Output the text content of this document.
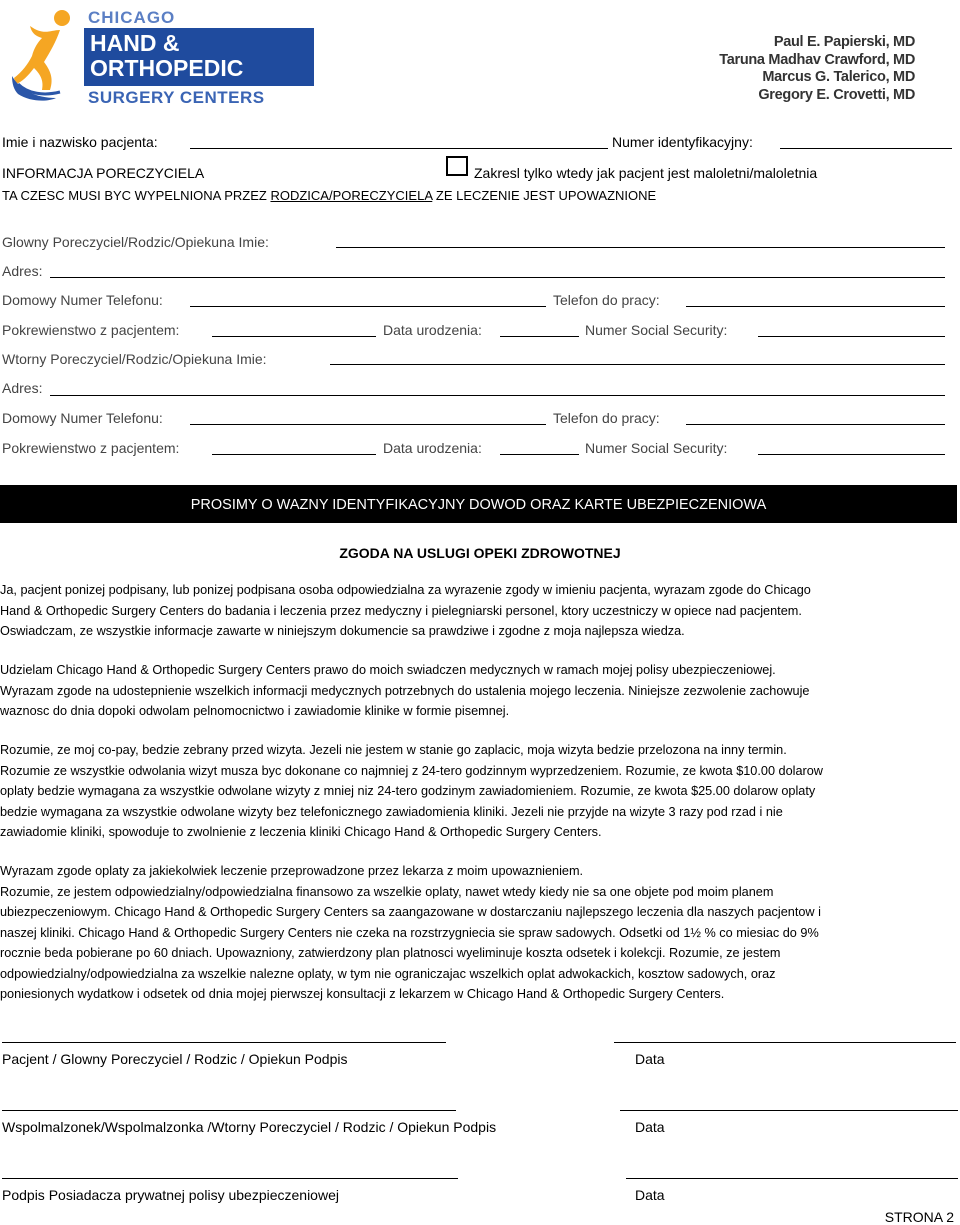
CHICAGO
HAND &
ORTHOPEDIC
SURGERY CENTERS
Paul E. Papierski, MD
Taruna Madhav Crawford, MD
Marcus G. Talerico, MD
Gregory E. Crovetti, MD
Imie i nazwisko pacjenta:	Numer identyfikacyjny:
INFORMACJA PORECZYCIELA	Zakresl tylko wtedy jak pacjent jest maloletni/maloletnia
TA CZESC MUSI BYC WYPELNIONA PRZEZ RODZICA/PORECZYCIELA ZE LECZENIE JEST UPOWAZNIONE
Glowny Poreczyciel/Rodzic/Opiekuna Imie:
Adres:
Domowy Numer Telefonu:	Telefon do pracy:
Pokrewienstwo z pacjentem:	Data urodzenia:	Numer Social Security:
Wtorny Poreczyciel/Rodzic/Opiekuna Imie:
Adres:
Domowy Numer Telefonu:	Telefon do pracy:
Pokrewienstwo z pacjentem:	Data urodzenia:	Numer Social Security:
PROSIMY O WAZNY IDENTYFIKACYJNY DOWOD ORAZ KARTE UBEZPIECZENIOWA
ZGODA NA USLUGI OPEKI ZDROWOTNEJ

Ja, pacjent ponizej podpisany, lub ponizej podpisana osoba odpowiedzialna za wyrazenie zgody w imieniu pacjenta, wyrazam zgode do Chicago

Hand & Orthopedic Surgery Centers do badania i leczenia przez medyczny i pielegniarski personel, ktory uczestniczy w opiece nad pacjentem.

Oswiadczam, ze wszystkie informacje zawarte w niniejszym dokumencie sa prawdziwe i zgodne z moja najlepsza wiedza.

Udzielam Chicago Hand & Orthopedic Surgery Centers prawo do moich swiadczen medycznych w ramach mojej polisy ubezpieczeniowej.

Wyrazam zgode na udostepnienie wszelkich informacji medycznych potrzebnych do ustalenia mojego leczenia. Niniejsze zezwolenie zachowuje

waznosc do dnia dopoki odwolam pelnomocnictwo i zawiadomie klinike w formie pisemnej.

Rozumie, ze moj co-pay, bedzie zebrany przed wizyta. Jezeli nie jestem w stanie go zaplacic, moja wizyta bedzie przelozona na inny termin.

Rozumie ze wszystkie odwolania wizyt musza byc dokonane co najmniej z 24-tero godzinnym wyprzedzeniem. Rozumie, ze kwota $10.00 dolarow

oplaty bedzie wymagana za wszystkie odwolane wizyty z mniej niz 24-tero godzinym zawiadomieniem. Rozumie, ze kwota $25.00 dolarow oplaty

bedzie wymagana za wszystkie odwolane wizyty bez telefonicznego zawiadomienia kliniki. Jezeli nie przyjde na wizyte 3 razy pod rzad i nie

zawiadomie kliniki, spowoduje to zwolnienie z leczenia kliniki Chicago Hand & Orthopedic Surgery Centers.

Wyrazam zgode oplaty za jakiekolwiek leczenie przeprowadzone przez lekarza z moim upowaznieniem.

Rozumie, ze jestem odpowiedzialny/odpowiedzialna finansowo za wszelkie oplaty, nawet wtedy kiedy nie sa one objete pod moim planem

ubiezpeczeniowym. Chicago Hand & Orthopedic Surgery Centers sa zaangazowane w dostarczaniu najlepszego leczenia dla naszych pacjentow i

naszej kliniki. Chicago Hand & Orthopedic Surgery Centers nie czeka na rozstrzygniecia sie spraw sadowych. Odsetki od 1½ % co miesiac do 9%

rocznie beda pobierane po 60 dniach. Upowazniony, zatwierdzony plan platnosci wyeliminuje koszta odsetek i kolekcji. Rozumie, ze jestem

odpowiedzialny/odpowiedzialna za wszelkie nalezne oplaty, w tym nie ograniczajac wszelkich oplat adwokackich, kosztow sadowych, oraz

poniesionych wydatkow i odsetek od dnia mojej pierwszej konsultacji z lekarzem w Chicago Hand & Orthopedic Surgery Centers.

Pacjent / Glowny Poreczyciel / Rodzic / Opiekun Podpis	Data
Wspolmalzonek/Wspolmalzonka /Wtorny Poreczyciel / Rodzic / Opiekun Podpis	Data
Podpis Posiadacza prywatnej polisy ubezpieczeniowej	Data
STRONA 2
